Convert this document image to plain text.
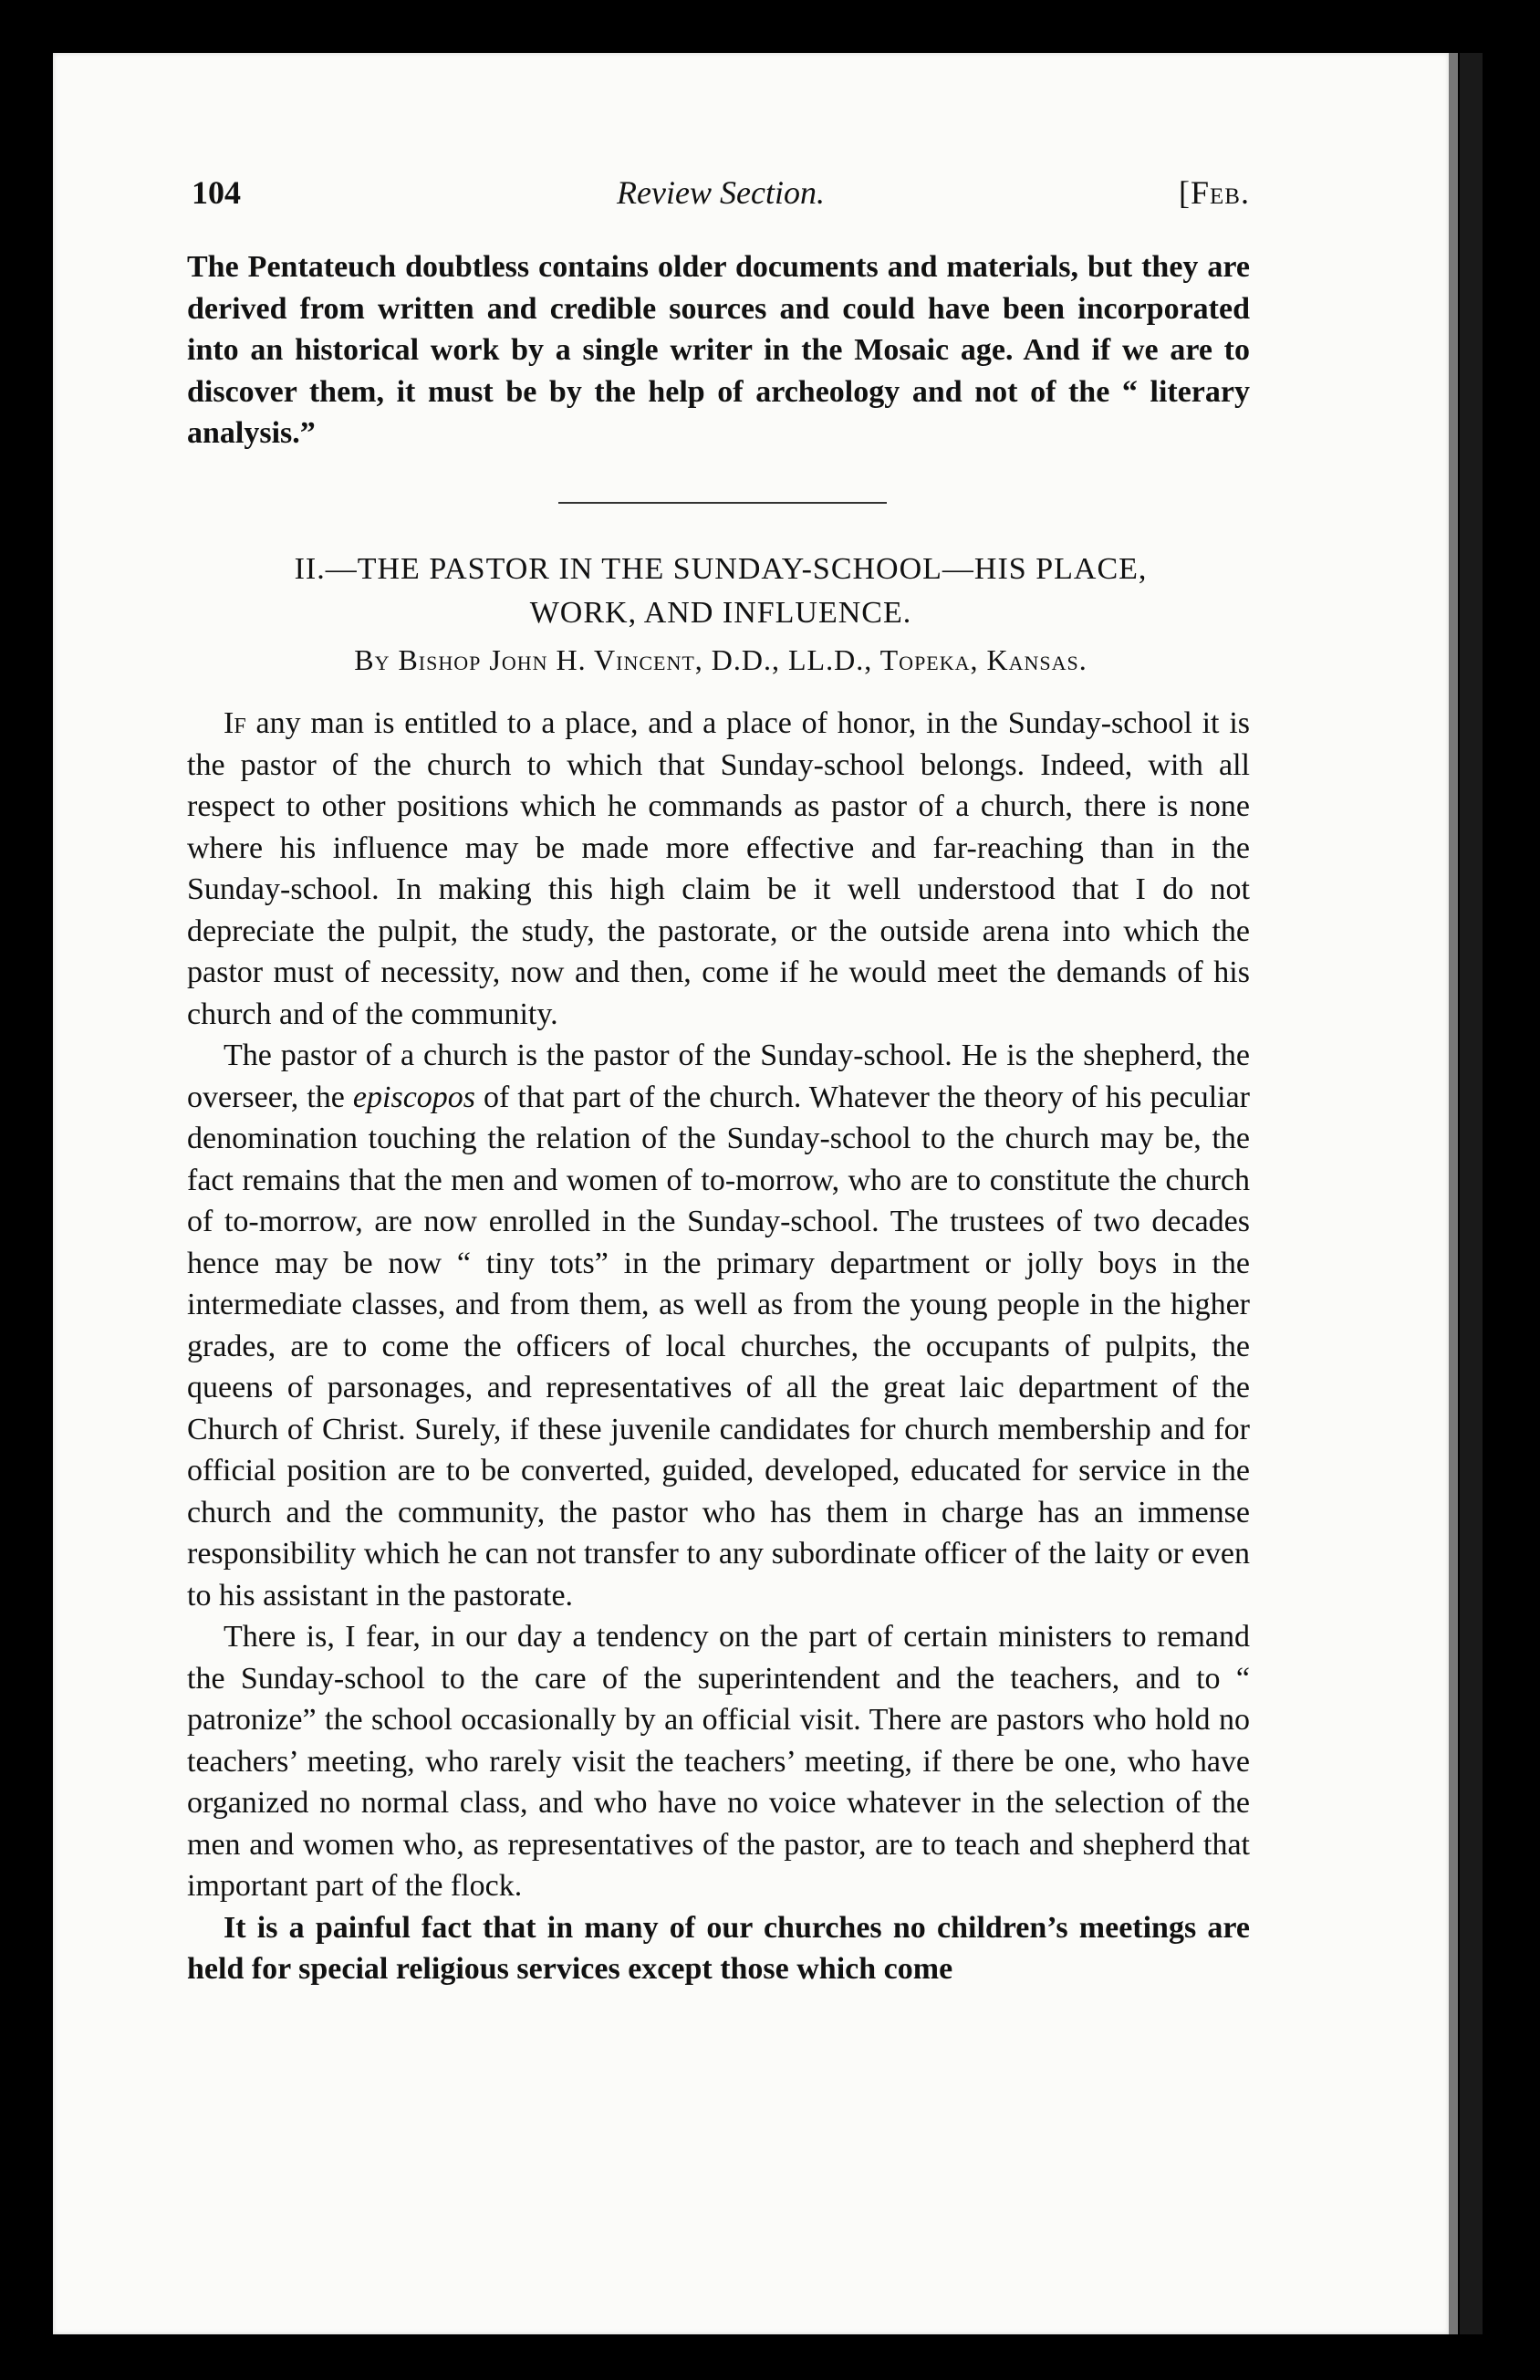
104	Review Section.	[Feb.
The Pentateuch doubtless contains older documents and materials, but they are derived from written and credible sources and could have been incorporated into an historical work by a single writer in the Mosaic age. And if we are to discover them, it must be by the help of archeology and not of the “ literary analysis.”
II.—THE PASTOR IN THE SUNDAY-SCHOOL—HIS PLACE,
WORK, AND INFLUENCE.
By Bishop John H. Vincent, D.D., LL.D., Topeka, Kansas.

If any man is entitled to a place, and a place of honor, in the Sunday-school it is the pastor of the church to which that Sunday-school belongs. Indeed, with all respect to other positions which he commands as pastor of a church, there is none where his influence may be made more effective and far-reaching than in the Sunday-school. In making this high claim be it well understood that I do not depreciate the pulpit, the study, the pastorate, or the outside arena into which the pastor must of necessity, now and then, come if he would meet the demands of his church and of the community.

The pastor of a church is the pastor of the Sunday-school. He is the shepherd, the overseer, the episcopos of that part of the church. Whatever the theory of his peculiar denomination touching the relation of the Sunday-school to the church may be, the fact remains that the men and women of to-morrow, who are to constitute the church of to-morrow, are now enrolled in the Sunday-school. The trustees of two decades hence may be now “ tiny tots” in the primary department or jolly boys in the intermediate classes, and from them, as well as from the young people in the higher grades, are to come the officers of local churches, the occupants of pulpits, the queens of parsonages, and representatives of all the great laic department of the Church of Christ. Surely, if these juvenile candidates for church membership and for official position are to be converted, guided, developed, educated for service in the church and the community, the pastor who has them in charge has an immense responsibility which he can not transfer to any subordinate officer of the laity or even to his assistant in the pastorate.

There is, I fear, in our day a tendency on the part of certain ministers to remand the Sunday-school to the care of the superintendent and the teachers, and to “ patronize” the school occasionally by an official visit. There are pastors who hold no teachers’ meeting, who rarely visit the teachers’ meeting, if there be one, who have organized no normal class, and who have no voice whatever in the selection of the men and women who, as representatives of the pastor, are to teach and shepherd that important part of the flock.

It is a painful fact that in many of our churches no children’s meetings are held for special religious services except those which come
